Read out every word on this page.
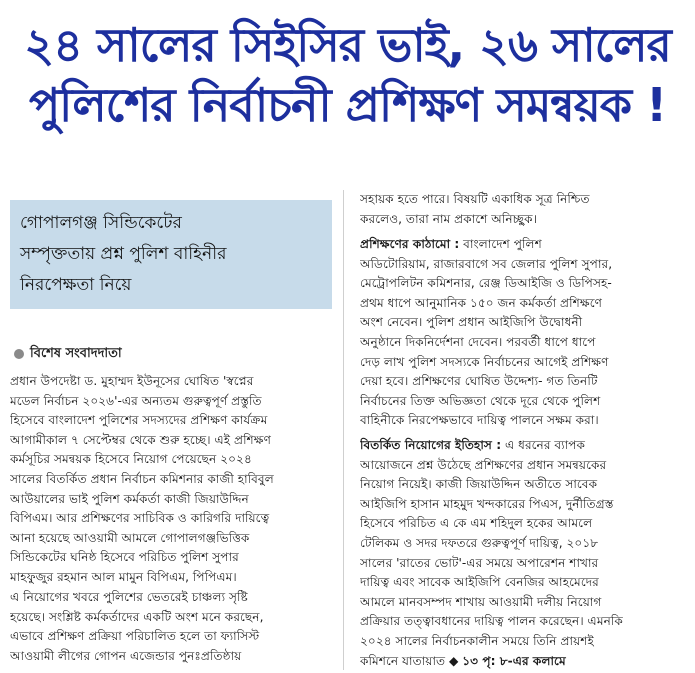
২৪ সালের সিইসির ভাই, ২৬ সালের
পুলিশের নির্বাচনী প্রশিক্ষণ সমন্বয়ক !
গোপালগঞ্জ সিন্ডিকেটের
সম্পৃক্ততায় প্রশ্ন পুলিশ বাহিনীর
নিরপেক্ষতা নিয়ে
বিশেষ সংবাদদাতা
প্রধান উপদেষ্টা ড. মুহাম্মদ ইউনূসের ঘোষিত 'স্বপ্নের
মডেল নির্বাচন ২০২৬'-এর অন্যতম গুরুত্বপূর্ণ প্রস্তুতি
হিসেবে বাংলাদেশ পুলিশের সদস্যদের প্রশিক্ষণ কার্যক্রম
আগামীকাল ৭ সেপ্টেম্বর থেকে শুরু হচ্ছে। এই প্রশিক্ষণ
কর্মসূচির সমন্বয়ক হিসেবে নিয়োগ পেয়েছেন ২০২৪
সালের বিতর্কিত প্রধান নির্বাচন কমিশনার কাজী হাবিবুল
আউয়ালের ভাই পুলিশ কর্মকর্তা কাজী জিয়াউদ্দিন
বিপিএম। আর প্রশিক্ষণের সাচিবিক ও কারিগরি দায়িত্বে
আনা হয়েছে আওয়ামী আমলে গোপালগঞ্জভিত্তিক
সিন্ডিকেটের ঘনিষ্ঠ হিসেবে পরিচিত পুলিশ সুপার
মাহফুজুর রহমান আল মামুন বিপিএম, পিপিএম।
এ নিয়োগের খবরে পুলিশের ভেতরেই চাঞ্চল্য সৃষ্টি
হয়েছে। সংশ্লিষ্ট কর্মকর্তাদের একটি অংশ মনে করছেন,
এভাবে প্রশিক্ষণ প্রক্রিয়া পরিচালিত হলে তা ফ্যাসিস্ট
আওয়ামী লীগের গোপন এজেন্ডার পুনঃপ্রতিষ্ঠায়
সহায়ক হতে পারে। বিষয়টি একাধিক সূত্র নিশ্চিত
করলেও, তারা নাম প্রকাশে অনিচ্ছুক।
প্রশিক্ষণের কাঠামো : বাংলাদেশ পুলিশ
অডিটোরিয়াম, রাজারবাগে সব জেলার পুলিশ সুপার,
মেট্রোপলিটন কমিশনার, রেঞ্জ ডিআইজি ও ডিপিসহ-
প্রথম ধাপে আনুমানিক ১৫০ জন কর্মকর্তা প্রশিক্ষণে
অংশ নেবেন। পুলিশ প্রধান আইজিপি উদ্বোধনী
অনুষ্ঠানে দিকনির্দেশনা দেবেন। পরবর্তী ধাপে ধাপে
দেড় লাখ পুলিশ সদস্যকে নির্বাচনের আগেই প্রশিক্ষণ
দেয়া হবে। প্রশিক্ষণের ঘোষিত উদ্দেশ্য- গত তিনটি
নির্বাচনের তিক্ত অভিজ্ঞতা থেকে দূরে থেকে পুলিশ
বাহিনীকে নিরপেক্ষভাবে দায়িত্ব পালনে সক্ষম করা।
বিতর্কিত নিয়োগের ইতিহাস : এ ধরনের ব্যাপক
আয়োজনে প্রশ্ন উঠেছে প্রশিক্ষণের প্রধান সমন্বয়কের
নিয়োগ নিয়েই। কাজী জিয়াউদ্দিন অতীতে সাবেক
আইজিপি হাসান মাহমুদ খন্দকারের পিএস, দুর্নীতিগ্রস্ত
হিসেবে পরিচিত এ কে এম শহিদুল হকের আমলে
টেলিকম ও সদর দফতরে গুরুত্বপূর্ণ দায়িত্ব, ২০১৮
সালের 'রাতের ভোট'-এর সময়ে অপারেশন শাখার
দায়িত্ব এবং সাবেক আইজিপি বেনজির আহমেদের
আমলে মানবসম্পদ শাখায় আওয়ামী দলীয় নিয়োগ
প্রক্রিয়ার তত্ত্বাবধানের দায়িত্ব পালন করেছেন। এমনকি
২০২৪ সালের নির্বাচনকালীন সময়ে তিনি প্রায়শই
কমিশনে যাতায়াত ◆ ১৩ পৃ: ৮-এর কলামে
